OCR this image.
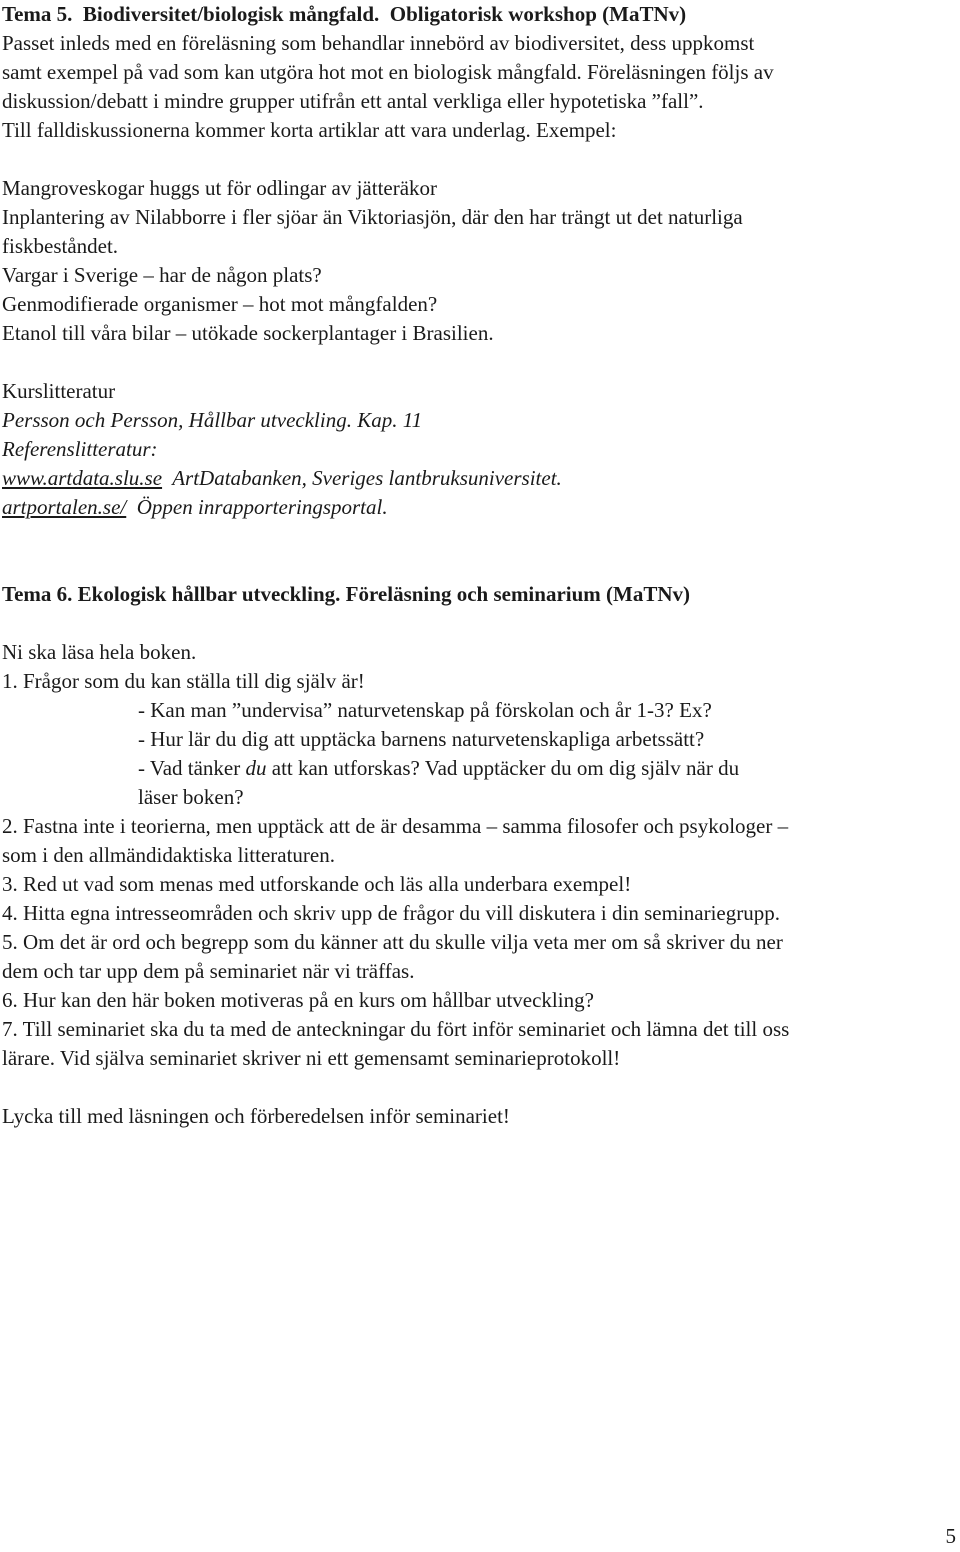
Tema 5. Biodiversitet/biologisk mångfald. Obligatorisk workshop (MaTNv)
Passet inleds med en föreläsning som behandlar innebörd av biodiversitet, dess uppkomst
samt exempel på vad som kan utgöra hot mot en biologisk mångfald. Föreläsningen följs av
diskussion/debatt i mindre grupper utifrån ett antal verkliga eller hypotetiska ”fall”.
Till falldiskussionerna kommer korta artiklar att vara underlag. Exempel:
Mangroveskogar huggs ut för odlingar av jätteräkor
Inplantering av Nilabborre i fler sjöar än Viktoriasjön, där den har trängt ut det naturliga
fiskbeståndet.
Vargar i Sverige – har de någon plats?
Genmodifierade organismer – hot mot mångfalden?
Etanol till våra bilar – utökade sockerplantager i Brasilien.
Kurslitteratur
Persson och Persson, Hållbar utveckling. Kap. 11
Referenslitteratur:
www.artdata.slu.se ArtDatabanken, Sveriges lantbruksuniversitet.
artportalen.se/ Öppen inrapporteringsportal.
Tema 6. Ekologisk hållbar utveckling. Föreläsning och seminarium (MaTNv)
Ni ska läsa hela boken.
1. Frågor som du kan ställa till dig själv är!
- Kan man ”undervisa” naturvetenskap på förskolan och år 1-3? Ex?
- Hur lär du dig att upptäcka barnens naturvetenskapliga arbetssätt?
- Vad tänker du att kan utforskas? Vad upptäcker du om dig själv när du
läser boken?
2. Fastna inte i teorierna, men upptäck att de är desamma – samma filosofer och psykologer –
som i den allmändidaktiska litteraturen.
3. Red ut vad som menas med utforskande och läs alla underbara exempel!
4. Hitta egna intresseområden och skriv upp de frågor du vill diskutera i din seminariegrupp.
5. Om det är ord och begrepp som du känner att du skulle vilja veta mer om så skriver du ner
dem och tar upp dem på seminariet när vi träffas.
6. Hur kan den här boken motiveras på en kurs om hållbar utveckling?
7. Till seminariet ska du ta med de anteckningar du fört inför seminariet och lämna det till oss
lärare. Vid själva seminariet skriver ni ett gemensamt seminarieprotokoll!
Lycka till med läsningen och förberedelsen inför seminariet!
5
